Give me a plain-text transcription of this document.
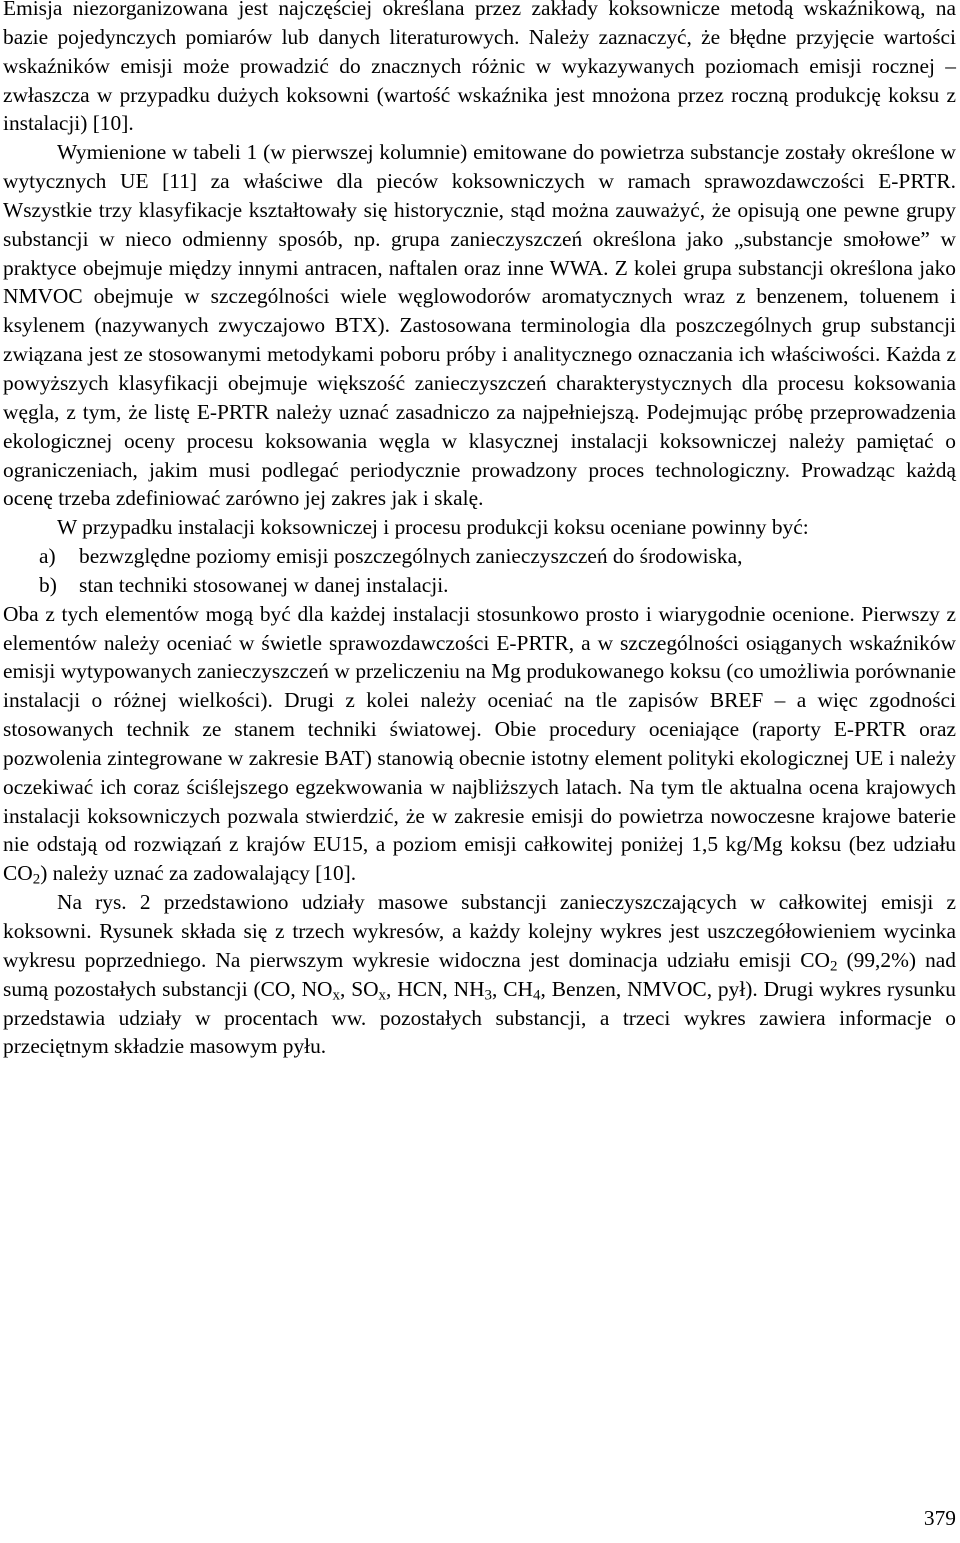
Emisja niezorganizowana jest najczęściej określana przez zakłady koksownicze metodą wskaźnikową, na bazie pojedynczych pomiarów lub danych literaturowych. Należy zaznaczyć, że błędne przyjęcie wartości wskaźników emisji może prowadzić do znacznych różnic w wykazywanych poziomach emisji rocznej – zwłaszcza w przypadku dużych koksowni (wartość wskaźnika jest mnożona przez roczną produkcję koksu z instalacji) [10].

Wymienione w tabeli 1 (w pierwszej kolumnie) emitowane do powietrza substancje zostały określone w wytycznych UE [11] za właściwe dla pieców koksowniczych w ramach sprawozdawczości E-PRTR. Wszystkie trzy klasyfikacje kształtowały się historycznie, stąd można zauważyć, że opisują one pewne grupy substancji w nieco odmienny sposób, np. grupa zanieczyszczeń określona jako „substancje smołowe” w praktyce obejmuje między innymi antracen, naftalen oraz inne WWA. Z kolei grupa substancji określona jako NMVOC obejmuje w szczególności wiele węglowodorów aromatycznych wraz z benzenem, toluenem i ksylenem (nazywanych zwyczajowo BTX). Zastosowana terminologia dla poszczególnych grup substancji związana jest ze stosowanymi metodykami poboru próby i analitycznego oznaczania ich właściwości. Każda z powyższych klasyfikacji obejmuje większość zanieczyszczeń charakterystycznych dla procesu koksowania węgla, z tym, że listę E-PRTR należy uznać zasadniczo za najpełniejszą. Podejmując próbę przeprowadzenia ekologicznej oceny procesu koksowania węgla w klasycznej instalacji koksowniczej należy pamiętać o ograniczeniach, jakim musi podlegać periodycznie prowadzony proces technologiczny. Prowadząc każdą ocenę trzeba zdefiniować zarówno jej zakres jak i skalę.

W przypadku instalacji koksowniczej i procesu produkcji koksu oceniane powinny być:

a)	bezwzględne poziomy emisji poszczególnych zanieczyszczeń do środowiska,
b)	stan techniki stosowanej w danej instalacji.

Oba z tych elementów mogą być dla każdej instalacji stosunkowo prosto i wiarygodnie ocenione. Pierwszy z elementów należy oceniać w świetle sprawozdawczości E-PRTR, a w szczególności osiąganych wskaźników emisji wytypowanych zanieczyszczeń w przeliczeniu na Mg produkowanego koksu (co umożliwia porównanie instalacji o różnej wielkości). Drugi z kolei należy oceniać na tle zapisów BREF – a więc zgodności stosowanych technik ze stanem techniki światowej. Obie procedury oceniające (raporty E-PRTR oraz pozwolenia zintegrowane w zakresie BAT) stanowią obecnie istotny element polityki ekologicznej UE i należy oczekiwać ich coraz ściślejszego egzekwowania w najbliższych latach. Na tym tle aktualna ocena krajowych instalacji koksowniczych pozwala stwierdzić, że w zakresie emisji do powietrza nowoczesne krajowe baterie nie odstają od rozwiązań z krajów EU15, a poziom emisji całkowitej poniżej 1,5 kg/Mg koksu (bez udziału $CO_2$) należy uznać za zadowalający [10].

Na rys. 2 przedstawiono udziały masowe substancji zanieczyszczających w całkowitej emisji z koksowni. Rysunek składa się z trzech wykresów, a każdy kolejny wykres jest uszczegółowieniem wycinka wykresu poprzedniego. Na pierwszym wykresie widoczna jest dominacja udziału emisji $CO_2$ (99,2%) nad sumą pozostałych substancji (CO, $NO_x$, $SO_x$, HCN, $NH_3$, $CH_4$, Benzen, NMVOC, pył). Drugi wykres rysunku przedstawia udziały w procentach ww. pozostałych substancji, a trzeci wykres zawiera informacje o przeciętnym składzie masowym pyłu.

379
